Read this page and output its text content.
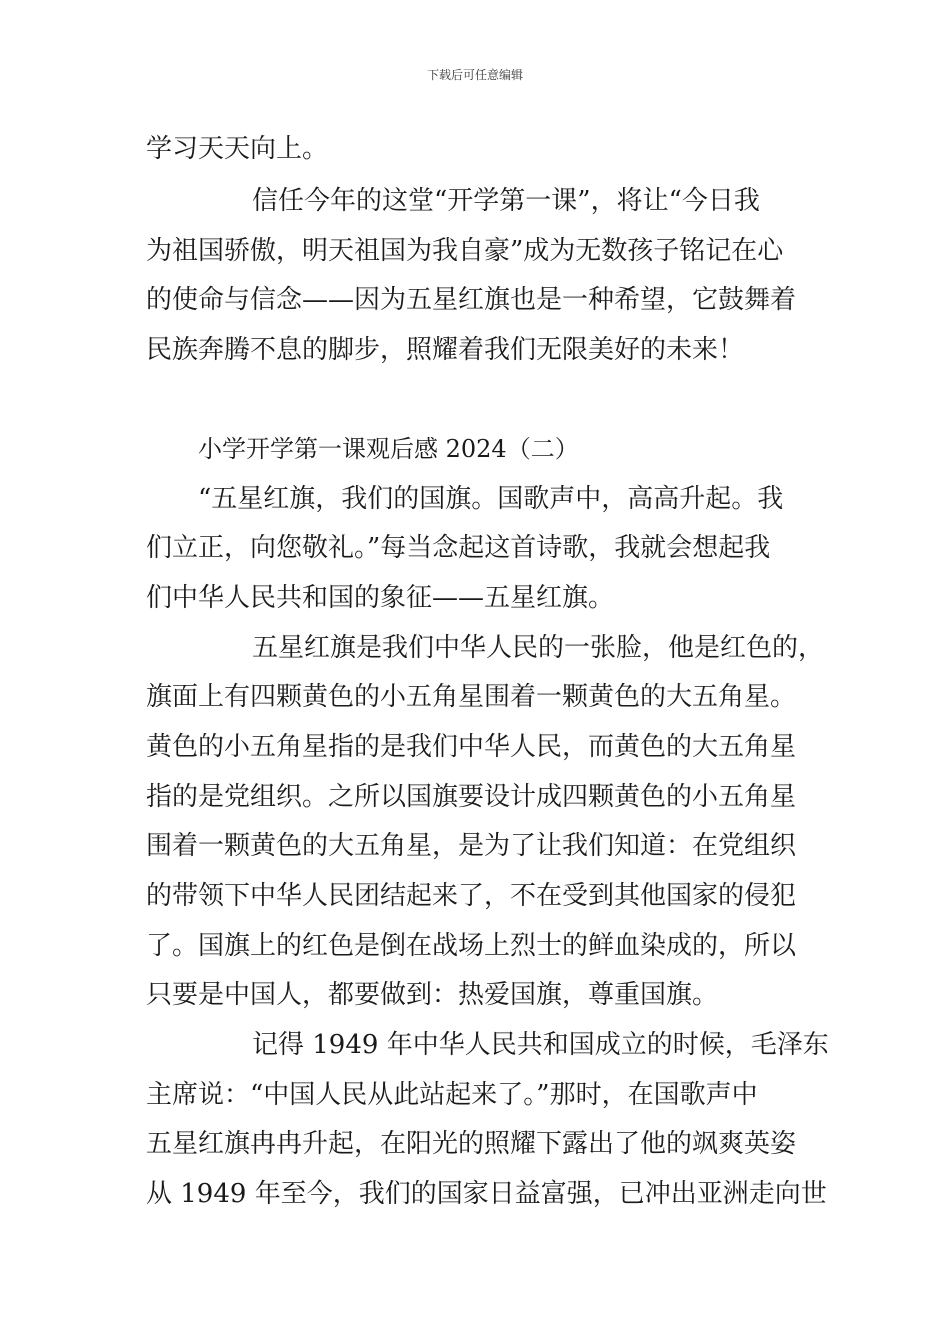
下载后可任意编辑
学习天天向上。
信任今年的这堂“开学第一课”，将让“今日我
为祖国骄傲，明天祖国为我自豪”成为无数孩子铭记在心
的使命与信念——因为五星红旗也是一种希望，它鼓舞着
民族奔腾不息的脚步，照耀着我们无限美好的未来！
小学开学第一课观后感 2024（二）
“五星红旗，我们的国旗。国歌声中，高高升起。我
们立正，向您敬礼。”每当念起这首诗歌，我就会想起我
们中华人民共和国的象征——五星红旗。
五星红旗是我们中华人民的一张脸，他是红色的，
旗面上有四颗黄色的小五角星围着一颗黄色的大五角星。
黄色的小五角星指的是我们中华人民，而黄色的大五角星
指的是党组织。之所以国旗要设计成四颗黄色的小五角星
围着一颗黄色的大五角星，是为了让我们知道：在党组织
的带领下中华人民团结起来了，不在受到其他国家的侵犯
了。国旗上的红色是倒在战场上烈士的鲜血染成的，所以
只要是中国人，都要做到：热爱国旗，尊重国旗。
记得 1949 年中华人民共和国成立的时候，毛泽东
主席说：“中国人民从此站起来了。”那时，在国歌声中
五星红旗冉冉升起，在阳光的照耀下露出了他的飒爽英姿
从 1949 年至今，我们的国家日益富强，已冲出亚洲走向世
